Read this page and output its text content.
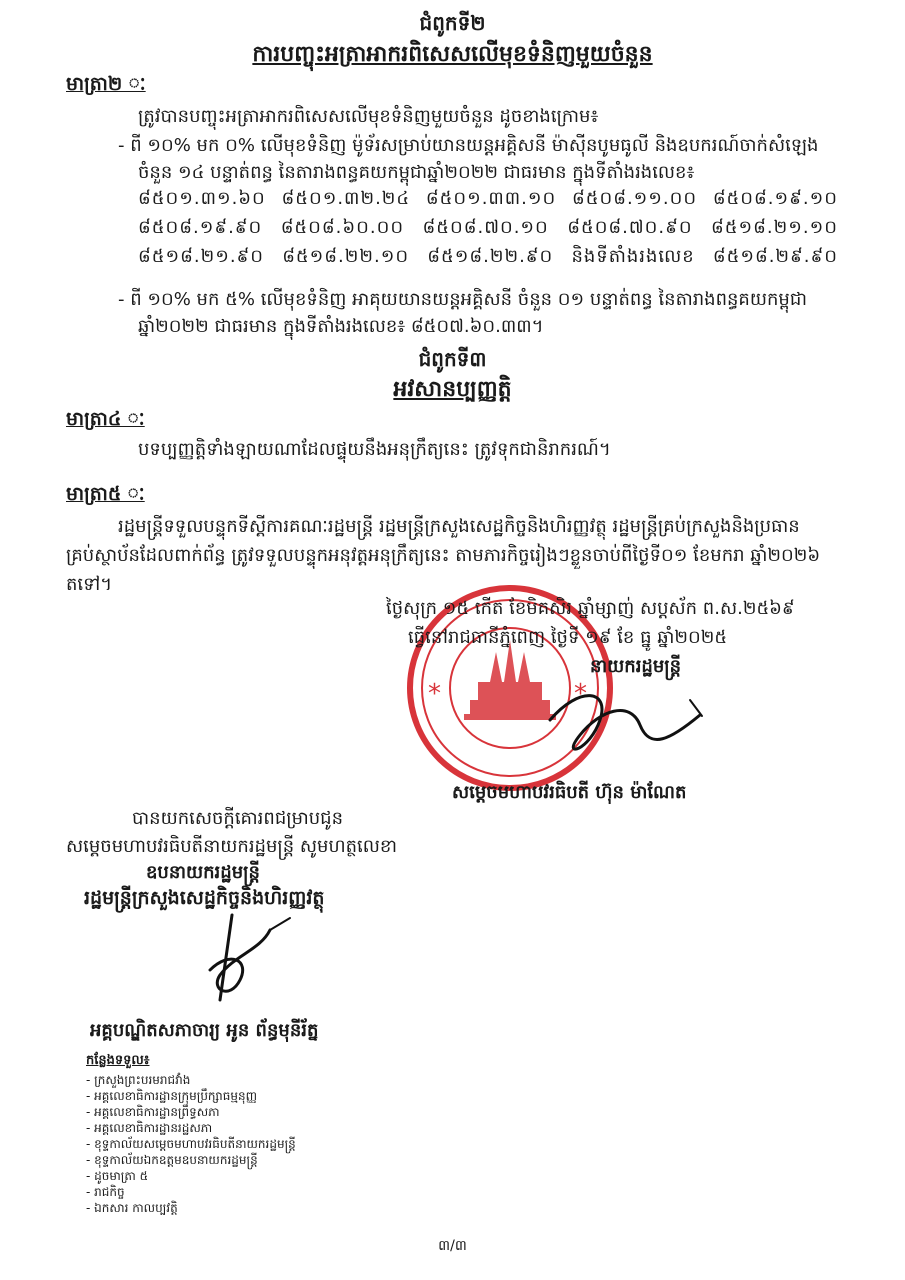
ជំពូកទី២
ការបញ្ចុះអត្រាអាករពិសេសលើមុខទំនិញមួយចំនួន
មាត្រា២ ៈ
ត្រូវបានបញ្ចុះអត្រាអាករពិសេសលើមុខទំនិញមួយចំនួន ដូចខាងក្រោម៖
- ពី ១០% មក ០% លើមុខទំនិញ ម៉ូទ័រសម្រាប់យានយន្តអគ្គិសនី ម៉ាស៊ីនបូមធូលី និងឧបករណ៍ចាក់សំឡេង
ចំនួន ១៤ បន្ទាត់ពន្ធ នៃតារាងពន្ធគយកម្ពុជាឆ្នាំ២០២២ ជាធរមាន ក្នុងទីតាំងរងលេខ៖
៨៥០១.៣១.៦០ ៨៥០១.៣២.២៤ ៨៥០១.៣៣.១០ ៨៥០៨.១១.០០ ៨៥០៨.១៩.១០
៨៥០៨.១៩.៩០ ៨៥០៨.៦០.០០ ៨៥០៨.៧០.១០ ៨៥០៨.៧០.៩០ ៨៥១៨.២១.១០
៨៥១៨.២១.៩០ ៨៥១៨.២២.១០ ៨៥១៨.២២.៩០ និងទីតាំងរងលេខ ៨៥១៨.២៩.៩០
- ពី ១០% មក ៥% លើមុខទំនិញ អាគុយយានយន្តអគ្គិសនី ចំនួន ០១ បន្ទាត់ពន្ធ នៃតារាងពន្ធគយកម្ពុជា
ឆ្នាំ២០២២ ជាធរមាន ក្នុងទីតាំងរងលេខ៖ ៨៥០៧.៦០.៣៣។
ជំពូកទី៣
អវសានប្បញ្ញត្តិ
មាត្រា៤ ៈ
បទប្បញ្ញត្តិទាំងឡាយណាដែលផ្ទុយនឹងអនុក្រឹត្យនេះ ត្រូវទុកជានិរាករណ៍។
មាត្រា៥ ៈ
រដ្ឋមន្ត្រីទទួលបន្ទុកទីស្តីការគណៈរដ្ឋមន្ត្រី រដ្ឋមន្ត្រីក្រសួងសេដ្ឋកិច្ចនិងហិរញ្ញវត្ថុ រដ្ឋមន្ត្រីគ្រប់ក្រសួងនិងប្រធាន
គ្រប់ស្ថាប័នដែលពាក់ព័ន្ធ ត្រូវទទួលបន្ទុកអនុវត្តអនុក្រឹត្យនេះ តាមភារកិច្ចរៀងៗខ្លួនចាប់ពីថ្ងៃទី០១ ខែមករា ឆ្នាំ២០២៦
តទៅ។
*	*
ថ្ងៃសុក្រ ១៥ កើត ខែមិគសិរ ឆ្នាំម្សាញ់ សប្តស័ក ព.ស.២៥៦៩
ធ្វើនៅរាជធានីភ្នំពេញ ថ្ងៃទី ១៩ ខែ ធ្នូ ឆ្នាំ២០២៥
នាយករដ្ឋមន្ត្រី
សម្តេចមហាបវរធិបតី ហ៊ុន ម៉ាណែត
បានយកសេចក្តីគោរពជម្រាបជូន
សម្តេចមហាបវរធិបតីនាយករដ្ឋមន្ត្រី សូមហត្ថលេខា
ឧបនាយករដ្ឋមន្ត្រី
រដ្ឋមន្ត្រីក្រសួងសេដ្ឋកិច្ចនិងហិរញ្ញវត្ថុ
អគ្គបណ្ឌិតសភាចារ្យ អូន ព័ន្ធមុនីរ័ត្ន
កន្លែងទទួល៖
- ក្រសួងព្រះបរមរាជវាំង
- អគ្គលេខាធិការដ្ឋានក្រុមប្រឹក្សាធម្មនុញ្ញ
- អគ្គលេខាធិការដ្ឋានព្រឹទ្ធសភា
- អគ្គលេខាធិការដ្ឋានរដ្ឋសភា
- ខុទ្ទកាល័យសម្តេចមហាបវរធិបតីនាយករដ្ឋមន្ត្រី
- ខុទ្ទកាល័យឯកឧត្តមឧបនាយករដ្ឋមន្ត្រី
- ដូចមាត្រា ៥
- រាជកិច្ច
- ឯកសារ កាលប្បវត្តិ
៣/៣
